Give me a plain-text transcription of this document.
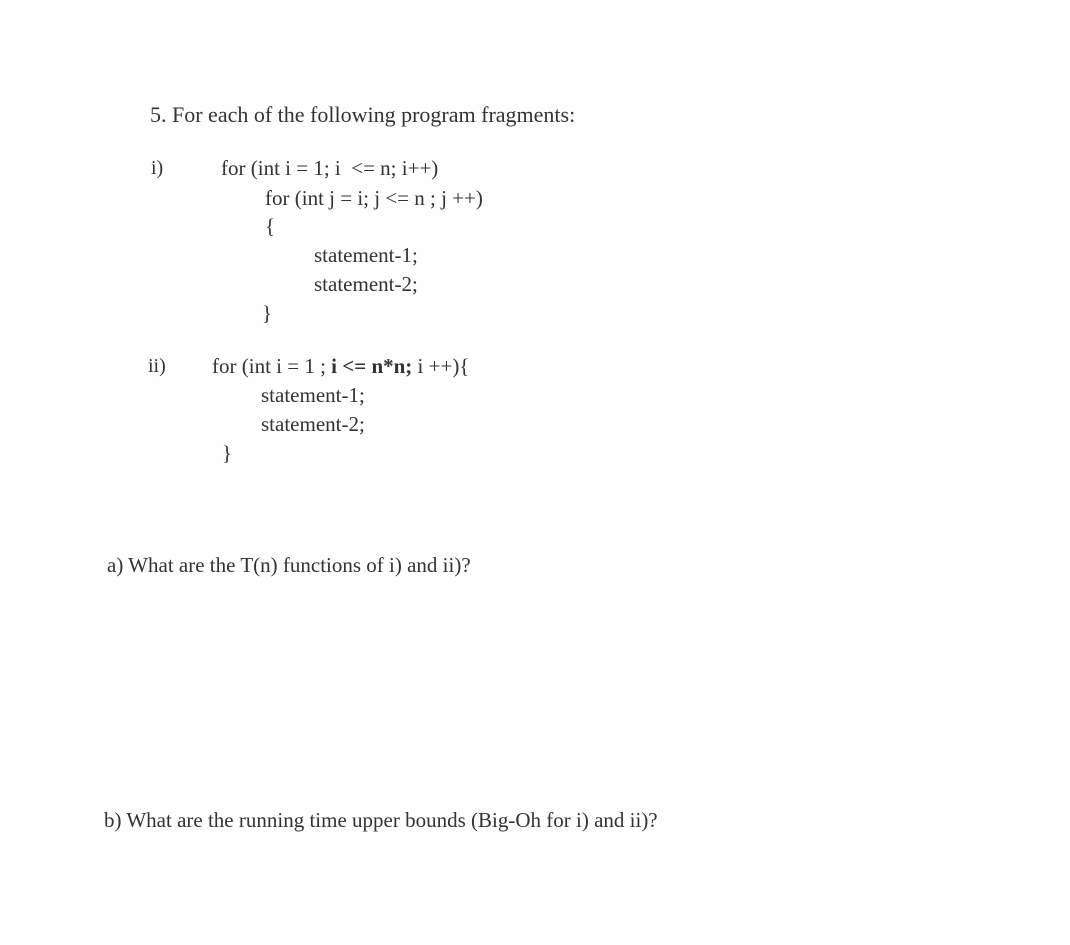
5. For each of the following program fragments:
i)	for (int i = 1; i  <= n; i++)
for (int j = i; j <= n ; j ++)
{
statement-1;
statement-2;
}
ii) for (int i = 1 ; i <= n*n; i ++){
statement-1;
statement-2;
}
a) What are the T(n) functions of i) and ii)?
b) What are the running time upper bounds (Big-Oh for i) and ii)?
